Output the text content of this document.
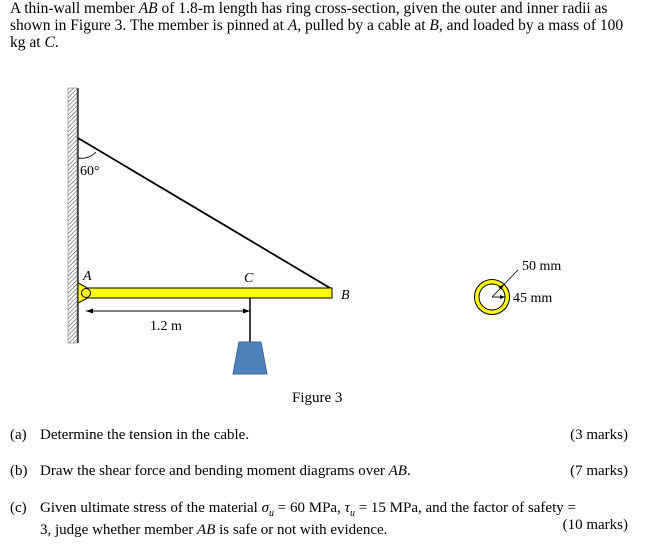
A thin-wall member AB of 1.8-m length has ring cross-section, given the outer and inner radii as shown in Figure 3. The member is pinned at A, pulled by a cable at B, and loaded by a mass of 100 kg at C.
60°
A	C
B
1.2 m
50 mm
45 mm
Figure 3
(a) Determine the tension in the cable.	(3 marks)
(b) Draw the shear force and bending moment diagrams over AB.	(7 marks)
(c) Given ultimate stress of the material $\sigma_u = 60$ MPa, $\tau_u = 15$ MPa, and the factor of safety =
3, judge whether member AB is safe or not with evidence.	(10 marks)
